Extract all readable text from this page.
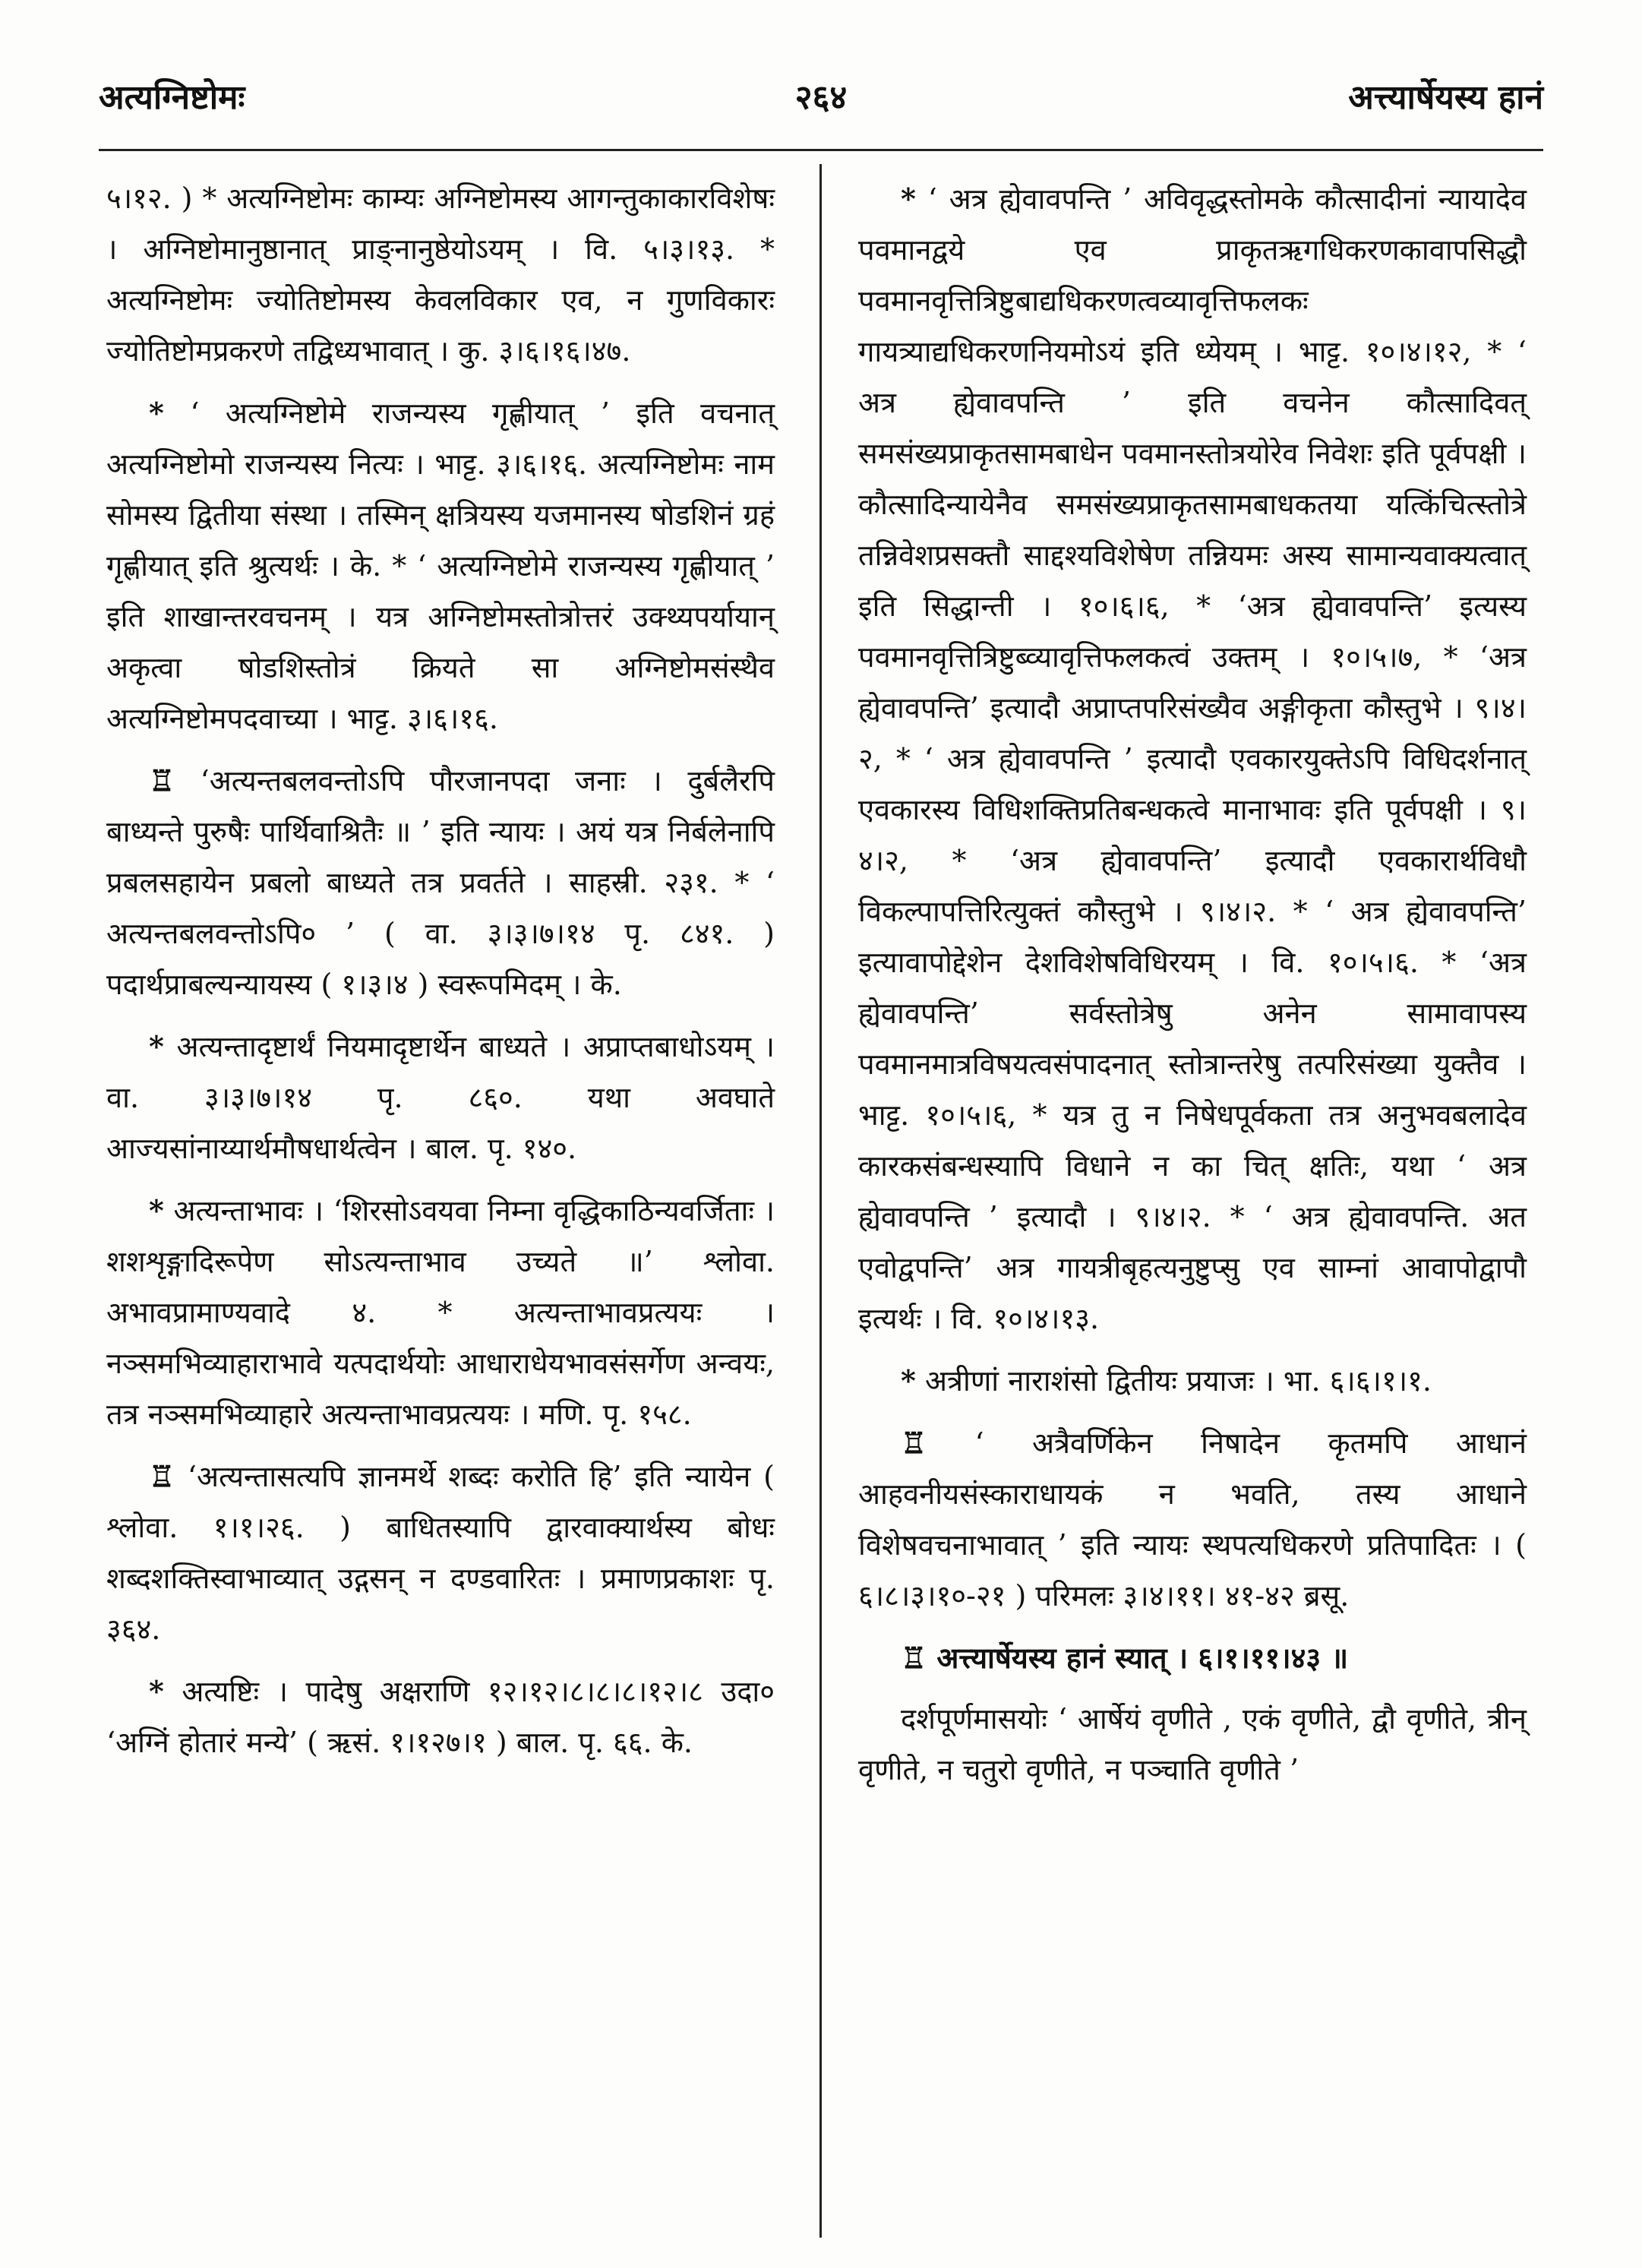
अत्यग्निष्टोमः	२६४	अत्त्यार्षेयस्य हानं

५।१२. ) * अत्यग्निष्टोमः काम्यः अग्निष्टोमस्य आगन्तुकाकारविशेषः । अग्निष्टोमानुष्ठानात् प्राङ्नानुष्ठेयोऽयम् । वि. ५।३।१३. * अत्यग्निष्टोमः ज्योतिष्टोमस्य केवलविकार एव, न गुणविकारः ज्योतिष्टोमप्रकरणे तद्विध्यभावात् । कु. ३।६।१६।४७.

* ‘ अत्यग्निष्टोमे राजन्यस्य गृह्णीयात् ’ इति वचनात् अत्यग्निष्टोमो राजन्यस्य नित्यः । भाट्ट. ३।६।१६. अत्यग्निष्टोमः नाम सोमस्य द्वितीया संस्था । तस्मिन् क्षत्रियस्य यजमानस्य षोडशिनं ग्रहं गृह्णीयात् इति श्रुत्यर्थः । के. * ‘ अत्यग्निष्टोमे राजन्यस्य गृह्णीयात् ’ इति शाखान्तरवचनम् । यत्र अग्निष्टोमस्तोत्रोत्तरं उक्थ्यपर्यायान् अकृत्वा षोडशिस्तोत्रं क्रियते सा अग्निष्टोमसंस्थैव अत्यग्निष्टोमपदवाच्या । भाट्ट. ३।६।१६.

♖ ‘अत्यन्तबलवन्तोऽपि पौरजानपदा जनाः । दुर्बलैरपि बाध्यन्ते पुरुषैः पार्थिवाश्रितैः ॥ ’ इति न्यायः । अयं यत्र निर्बलेनापि प्रबलसहायेन प्रबलो बाध्यते तत्र प्रवर्तते । साहस्री. २३१. * ‘ अत्यन्तबलवन्तोऽपि० ’ ( वा. ३।३।७।१४ पृ. ८४१. ) पदार्थप्राबल्यन्यायस्य ( १।३।४ ) स्वरूपमिदम् । के.

* अत्यन्तादृष्टार्थं नियमादृष्टार्थेन बाध्यते । अप्राप्तबाधोऽयम् । वा. ३।३।७।१४ पृ. ८६०. यथा अवघाते आज्यसांनाय्यार्थमौषधार्थत्वेन । बाल. पृ. १४०.

* अत्यन्ताभावः । ‘शिरसोऽवयवा निम्ना वृद्धिकाठिन्यवर्जिताः । शशशृङ्गादिरूपेण सोऽत्यन्ताभाव उच्यते ॥’ श्लोवा. अभावप्रामाण्यवादे ४. * अत्यन्ताभावप्रत्ययः । नञ्समभिव्याहाराभावे यत्पदार्थयोः आधाराधेयभावसंसर्गेण अन्वयः, तत्र नञ्समभिव्याहारे अत्यन्ताभावप्रत्ययः । मणि. पृ. १५८.

♖ ‘अत्यन्तासत्यपि ज्ञानमर्थे शब्दः करोति हि’ इति न्यायेन ( श्लोवा. १।१।२६. ) बाधितस्यापि द्वारवाक्यार्थस्य बोधः शब्दशक्तिस्वाभाव्यात् उद्गसन् न दण्डवारितः । प्रमाणप्रकाशः पृ. ३६४.

* अत्यष्टिः । पादेषु अक्षराणि १२।१२।८।८।८।१२।८ उदा० ‘अग्निं होतारं मन्ये’ ( ऋसं. १।१२७।१ ) बाल. पृ. ६६. के.

* ‘ अत्र ह्येवावपन्ति ’ अविवृद्धस्तोमके कौत्सादीनां न्यायादेव पवमानद्वये एव प्राकृतऋगधिकरणकावापसिद्धौ पवमानवृत्तित्रिष्टुबाद्यधिकरणत्वव्यावृत्तिफलकः गायत्र्याद्यधिकरणनियमोऽयं इति ध्येयम् । भाट्ट. १०।४।१२, * ‘ अत्र ह्येवावपन्ति ’ इति वचनेन कौत्सादिवत् समसंख्यप्राकृतसामबाधेन पवमानस्तोत्रयोरेव निवेशः इति पूर्वपक्षी । कौत्सादिन्यायेनैव समसंख्यप्राकृतसामबाधकतया यत्किंचित्स्तोत्रे तन्निवेशप्रसक्तौ साद्दश्यविशेषेण तन्नियमः अस्य सामान्यवाक्यत्वात् इति सिद्धान्ती । १०।६।६, * ‘अत्र ह्येवावपन्ति’ इत्यस्य पवमानवृत्तित्रिष्टुब्व्यावृत्तिफलकत्वं उक्तम् । १०।५।७, * ‘अत्र ह्येवावपन्ति’ इत्यादौ अप्राप्तपरिसंख्यैव अङ्गीकृता कौस्तुभे । ९।४।२, * ‘ अत्र ह्येवावपन्ति ’ इत्यादौ एवकारयुक्तेऽपि विधिदर्शनात् एवकारस्य विधिशक्तिप्रतिबन्धकत्वे मानाभावः इति पूर्वपक्षी । ९।४।२, * ‘अत्र ह्येवावपन्ति’ इत्यादौ एवकारार्थविधौ विकल्पापत्तिरित्युक्तं कौस्तुभे । ९।४।२. * ‘ अत्र ह्येवावपन्ति’ इत्यावापोद्देशेन देशविशेषविधिरयम् । वि. १०।५।६. * ‘अत्र ह्येवावपन्ति’ सर्वस्तोत्रेषु अनेन सामावापस्य पवमानमात्रविषयत्वसंपादनात् स्तोत्रान्तरेषु तत्परिसंख्या युक्तैव । भाट्ट. १०।५।६, * यत्र तु न निषेधपूर्वकता तत्र अनुभवबलादेव कारकसंबन्धस्यापि विधाने न का चित् क्षतिः, यथा ‘ अत्र ह्येवावपन्ति ’ इत्यादौ । ९।४।२. * ‘ अत्र ह्येवावपन्ति. अत एवोद्वपन्ति’ अत्र गायत्रीबृहत्यनुष्टुप्सु एव साम्नां आवापोद्वापौ इत्यर्थः । वि. १०।४।१३.

* अत्रीणां नाराशंसो द्वितीयः प्रयाजः । भा. ६।६।१।१.

♖ ‘ अत्रैवर्णिकेन निषादेन कृतमपि आधानं आहवनीयसंस्काराधायकं न भवति, तस्य आधाने विशेषवचनाभावात् ’ इति न्यायः स्थपत्यधिकरणे प्रतिपादितः । ( ६।८।३।१०-२१ ) परिमलः ३।४।११। ४१-४२ ब्रसू.

♖ अत्त्यार्षेयस्य हानं स्यात् । ६।१।११।४३ ॥

दर्शपूर्णमासयोः ‘ आर्षेयं वृणीते , एकं वृणीते, द्वौ वृणीते, त्रीन् वृणीते, न चतुरो वृणीते, न पञ्चाति वृणीते ’
